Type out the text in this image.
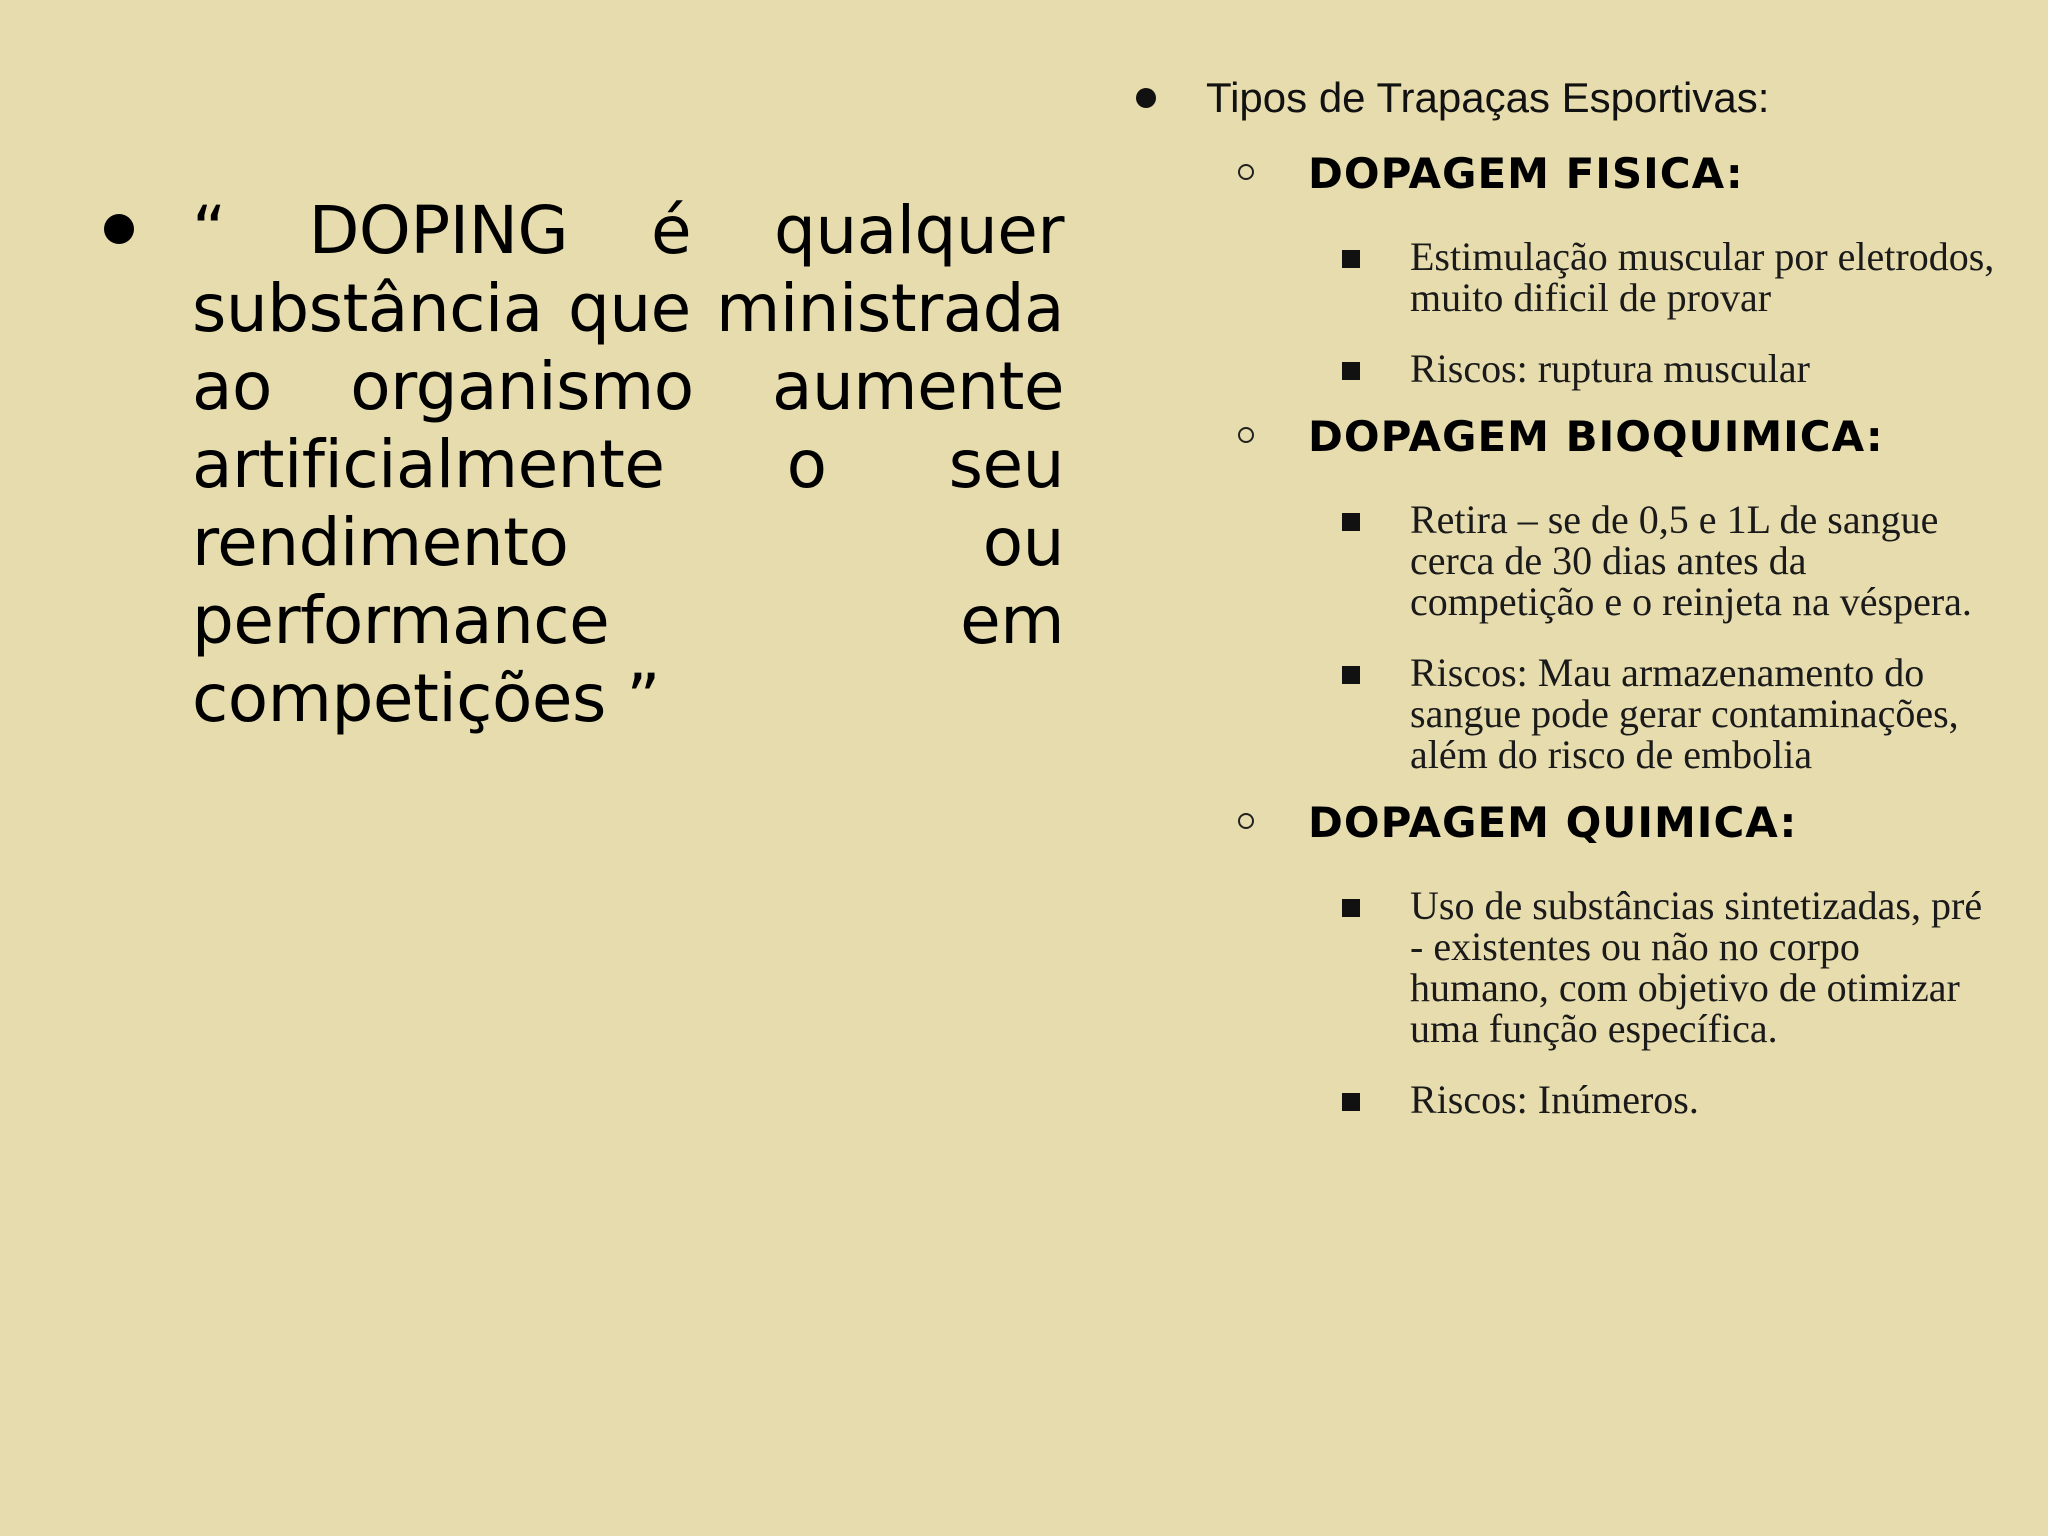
“ DOPING é qualquer substância que ministrada ao organismo aumente artificialmente o seu rendimento ou performance em competições ”
Tipos de Trapaças Esportivas:
DOPAGEM FISICA:
Estimulação muscular por eletrodos, muito dificil de provar
Riscos: ruptura muscular
DOPAGEM BIOQUIMICA:
Retira – se de 0,5 e 1L de sangue cerca de 30 dias antes da competição e o reinjeta na véspera.
Riscos: Mau armazenamento do sangue pode gerar contaminações, além do risco de embolia
DOPAGEM QUIMICA:
Uso de substâncias sintetizadas, pré - existentes ou não no corpo humano, com objetivo de otimizar uma função específica.
Riscos: Inúmeros.
